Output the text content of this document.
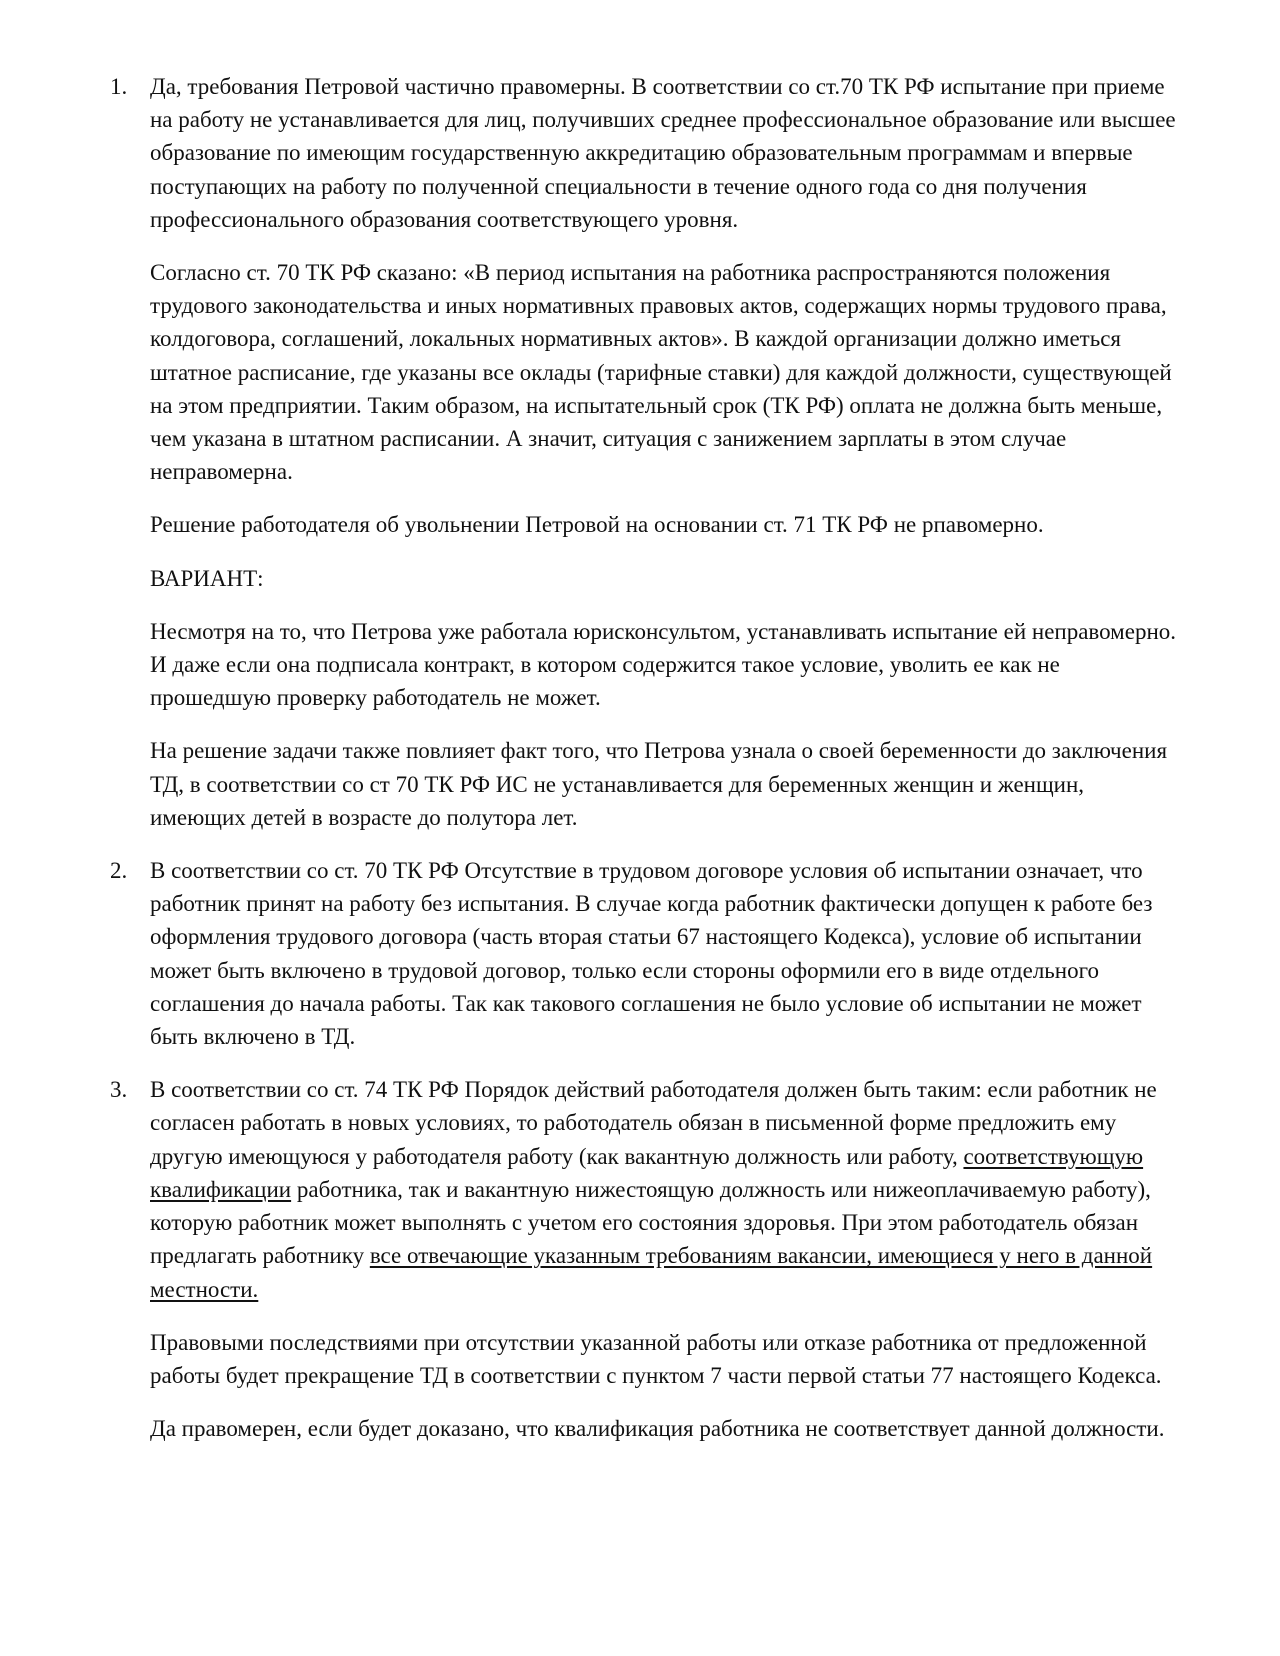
1. Да, требования Петровой частично правомерны. В соответствии со ст.70 ТК РФ испытание при приеме на работу не устанавливается для лиц, получивших среднее профессиональное образование или высшее образование по имеющим государственную аккредитацию образовательным программам и впервые поступающих на работу по полученной специальности в течение одного года со дня получения профессионального образования соответствующего уровня.

Согласно ст. 70 ТК РФ сказано: «В период испытания на работника распространяются положения трудового законодательства и иных нормативных правовых актов, содержащих нормы трудового права, колдоговора, соглашений, локальных нормативных актов». В каждой организации должно иметься штатное расписание, где указаны все оклады (тарифные ставки) для каждой должности, существующей на этом предприятии. Таким образом, на испытательный срок (ТК РФ) оплата не должна быть меньше, чем указана в штатном расписании. А значит, ситуация с занижением зарплаты в этом случае неправомерна.

Решение работодателя об увольнении Петровой на основании ст. 71 ТК РФ не рпавомерно.

ВАРИАНТ:

Несмотря на то, что Петрова уже работала юрисконсультом, устанавливать испытание ей неправомерно. И даже если она подписала контракт, в котором содержится такое условие, уволить ее как не прошедшую проверку работодатель не может.

На решение задачи также повлияет факт того, что Петрова узнала о своей беременности до заключения ТД, в соответствии со ст 70 ТК РФ ИС не устанавливается для беременных женщин и женщин, имеющих детей в возрасте до полутора лет.

2. В соответствии со ст. 70 ТК РФ Отсутствие в трудовом договоре условия об испытании означает, что работник принят на работу без испытания. В случае когда работник фактически допущен к работе без оформления трудового договора (часть вторая статьи 67 настоящего Кодекса), условие об испытании может быть включено в трудовой договор, только если стороны оформили его в виде отдельного соглашения до начала работы. Так как такового соглашения не было условие об испытании не может быть включено в ТД.

3. В соответствии со ст. 74 ТК РФ Порядок действий работодателя должен быть таким: если работник не согласен работать в новых условиях, то работодатель обязан в письменной форме предложить ему другую имеющуюся у работодателя работу (как вакантную должность или работу, соответствующую квалификации работника, так и вакантную нижестоящую должность или нижеоплачиваемую работу), которую работник может выполнять с учетом его состояния здоровья. При этом работодатель обязан предлагать работнику все отвечающие указанным требованиям вакансии, имеющиеся у него в данной местности.

Правовыми последствиями при отсутствии указанной работы или отказе работника от предложенной работы будет прекращение ТД в соответствии с пунктом 7 части первой статьи 77 настоящего Кодекса.

Да правомерен, если будет доказано, что квалификация работника не соответствует данной должности.
